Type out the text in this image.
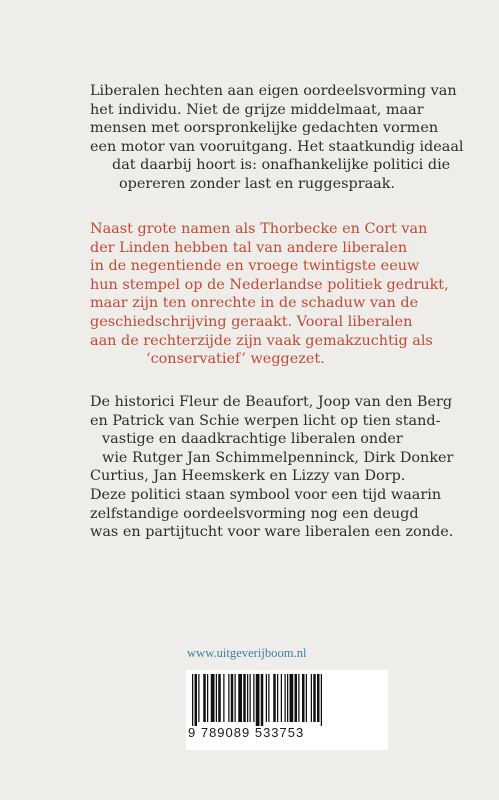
Liberalen hechten aan eigen oordeelsvorming van
het individu. Niet de grijze middelmaat, maar
mensen met oorspronkelijke gedachten vormen
een motor van vooruitgang. Het staatkundig ideaal
dat daarbij hoort is: onafhankelijke politici die
opereren zonder last en ruggespraak.

Naast grote namen als Thorbecke en Cort van
der Linden hebben tal van andere liberalen
in de negentiende en vroege twintigste eeuw
hun stempel op de Nederlandse politiek gedrukt,
maar zijn ten onrechte in de schaduw van de
geschiedschrijving geraakt. Vooral liberalen
aan de rechterzijde zijn vaak gemakzuchtig als
‘conservatief’ weggezet.

De historici Fleur de Beaufort, Joop van den Berg
en Patrick van Schie werpen licht op tien stand-
vastige en daadkrachtige liberalen onder
wie Rutger Jan Schimmelpenninck, Dirk Donker
Curtius, Jan Heemskerk en Lizzy van Dorp.
Deze politici staan symbool voor een tijd waarin
zelfstandige oordeelsvorming nog een deugd
was en partijtucht voor ware liberalen een zonde.

www.uitgeverijboom.nl
9 789089 533753
